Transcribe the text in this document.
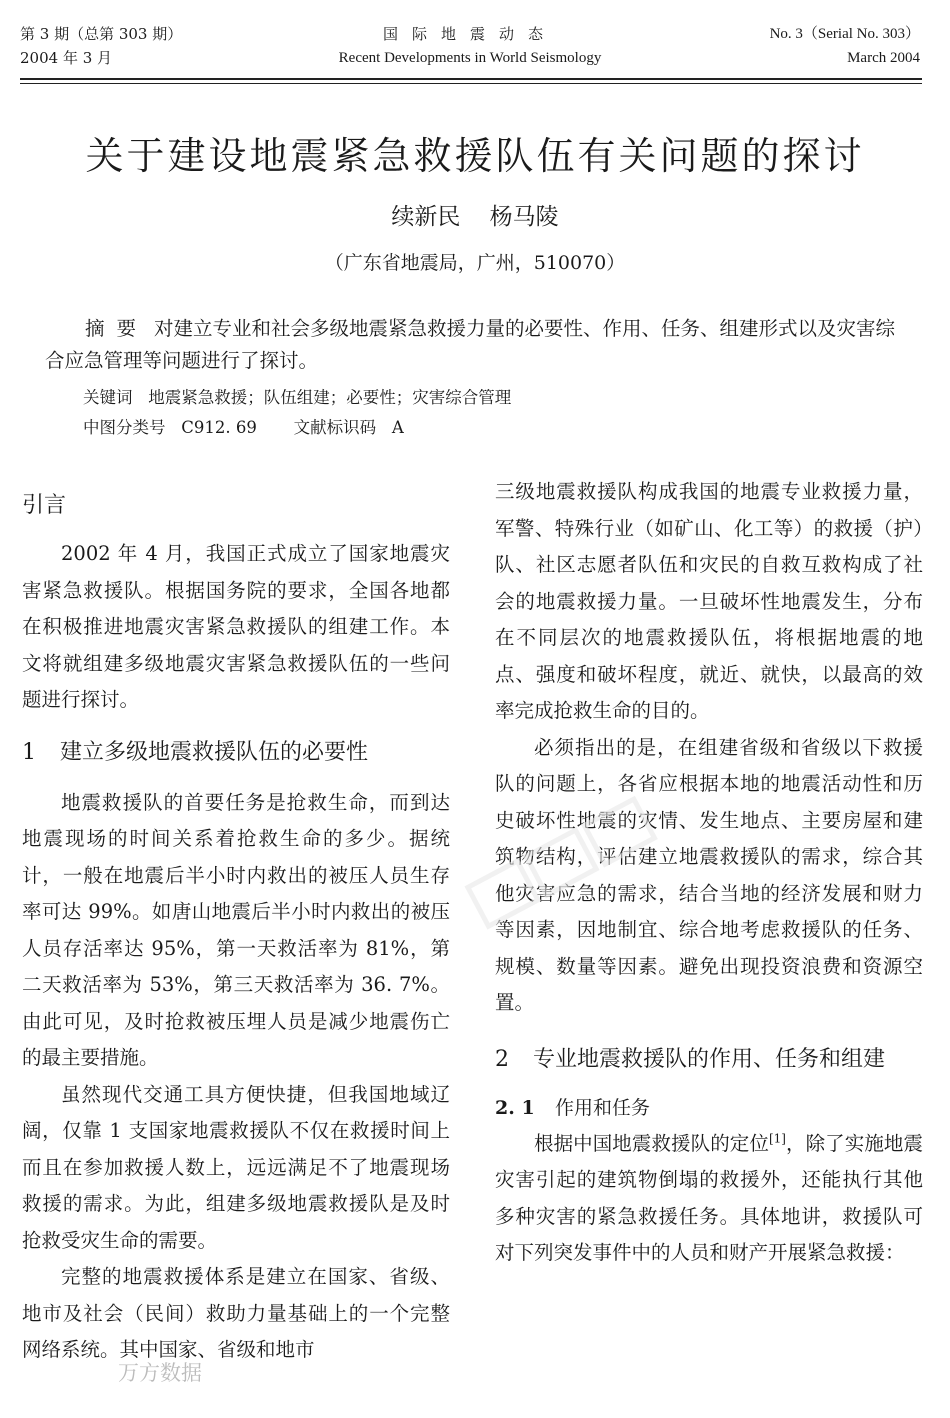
第 3 期（总第 303 期）
2004 年 3 月
国际地震动态
Recent Developments in World Seismology
No. 3（Serial No. 303）
March 2004
关于建设地震紧急救援队伍有关问题的探讨
续新民 杨马陵
（广东省地震局，广州，510070）
摘要 对建立专业和社会多级地震紧急救援力量的必要性、作用、任务、组建形式以及灾害综合应急管理等问题进行了探讨。
关键词 地震紧急救援；队伍组建；必要性；灾害综合管理
中图分类号 C912. 69 文献标识码 A
引言

2002 年 4 月，我国正式成立了国家地震灾害紧急救援队。根据国务院的要求，全国各地都在积极推进地震灾害紧急救援队的组建工作。本文将就组建多级地震灾害紧急救援队伍的一些问题进行探讨。

1	建立多级地震救援队伍的必要性

地震救援队的首要任务是抢救生命，而到达地震现场的时间关系着抢救生命的多少。据统计，一般在地震后半小时内救出的被压人员生存率可达 99%。如唐山地震后半小时内救出的被压人员存活率达 95%，第一天救活率为 81%，第二天救活率为 53%，第三天救活率为 36. 7%。由此可见，及时抢救被压埋人员是减少地震伤亡的最主要措施。

虽然现代交通工具方便快捷，但我国地域辽阔，仅靠 1 支国家地震救援队不仅在救援时间上而且在参加救援人数上，远远满足不了地震现场救援的需求。为此，组建多级地震救援队是及时抢救受灾生命的需要。

完整的地震救援体系是建立在国家、省级、地市及社会（民间）救助力量基础上的一个完整网络系统。其中国家、省级和地市

三级地震救援队构成我国的地震专业救援力量，军警、特殊行业（如矿山、化工等）的救援（护）队、社区志愿者队伍和灾民的自救互救构成了社会的地震救援力量。一旦破坏性地震发生，分布在不同层次的地震救援队伍，将根据地震的地点、强度和破坏程度，就近、就快，以最高的效率完成抢救生命的目的。

必须指出的是，在组建省级和省级以下救援队的问题上，各省应根据本地的地震活动性和历史破坏性地震的灾情、发生地点、主要房屋和建筑物结构，评估建立地震救援队的需求，综合其他灾害应急的需求，结合当地的经济发展和财力等因素，因地制宜、综合地考虑救援队的任务、规模、数量等因素。避免出现投资浪费和资源空置。

2	专业地震救援队的作用、任务和组建
2. 1 作用和任务

根据中国地震救援队的定位[1]，除了实施地震灾害引起的建筑物倒塌的救援外，还能执行其他多种灾害的紧急救援任务。具体地讲，救援队可对下列突发事件中的人员和财产开展紧急救援：

万方数据
